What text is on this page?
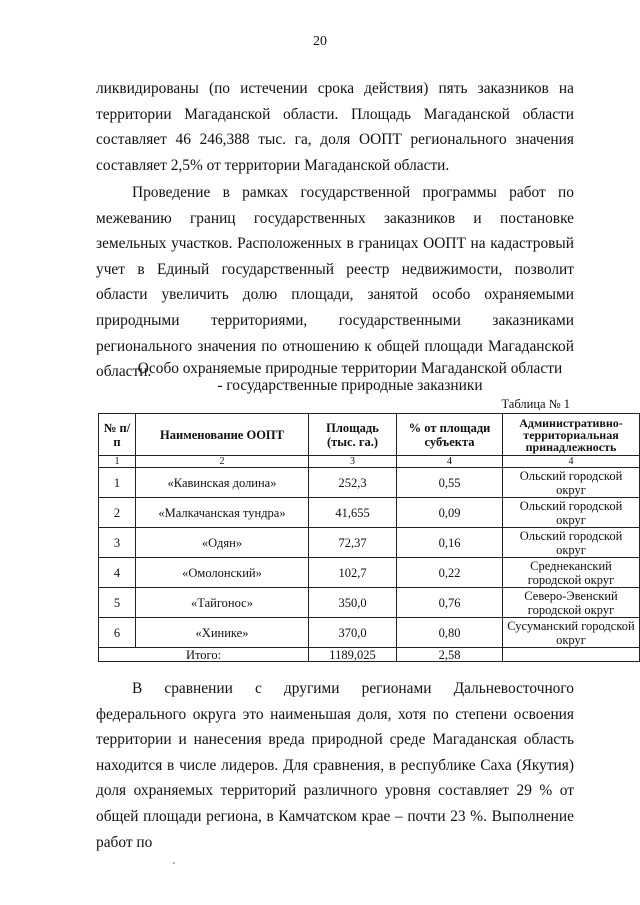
20

ликвидированы (по истечении срока действия) пять заказников на территории Магаданской области. Площадь Магаданской области составляет 46 246,388 тыс. га, доля ООПТ регионального значения составляет 2,5% от территории Магаданской области.

Проведение в рамках государственной программы работ по межеванию границ государственных заказников и постановке земельных участков. Расположенных в границах ООПТ на кадастровый учет в Единый государственный реестр недвижимости, позволит области увеличить долю площади, занятой особо охраняемыми природными территориями, государственными заказниками регионального значения по отношению к общей площади Магаданской области.

Особо охраняемые природные территории Магаданской области
- государственные природные заказники
Таблица № 1
№ п/п	Наименование ООПТ	Площадь (тыс. га.)	% от площади субъекта	Административно-территориальная принадлежность
1	2	3	4	4
1	«Кавинская долина»	252,3	0,55	Ольский городской округ
2	«Малкачанская тундра»	41,655	0,09	Ольский городской округ
3	«Одян»	72,37	0,16	Ольский городской округ
4	«Омолонский»	102,7	0,22	Среднеканский городской округ
5	«Тайгонос»	350,0	0,76	Северо-Эвенский городской округ
6	«Хинике»	370,0	0,80	Сусуманский городской округ
Итого:		1189,025	2,58	

В сравнении с другими регионами Дальневосточного федерального округа это наименьшая доля, хотя по степени освоения территории и нанесения вреда природной среде Магаданская область находится в числе лидеров. Для сравнения, в республике Саха (Якутия) доля охраняемых территорий различного уровня составляет 29 % от общей площади региона, в Камчатском крае – почти 23 %. Выполнение работ по
